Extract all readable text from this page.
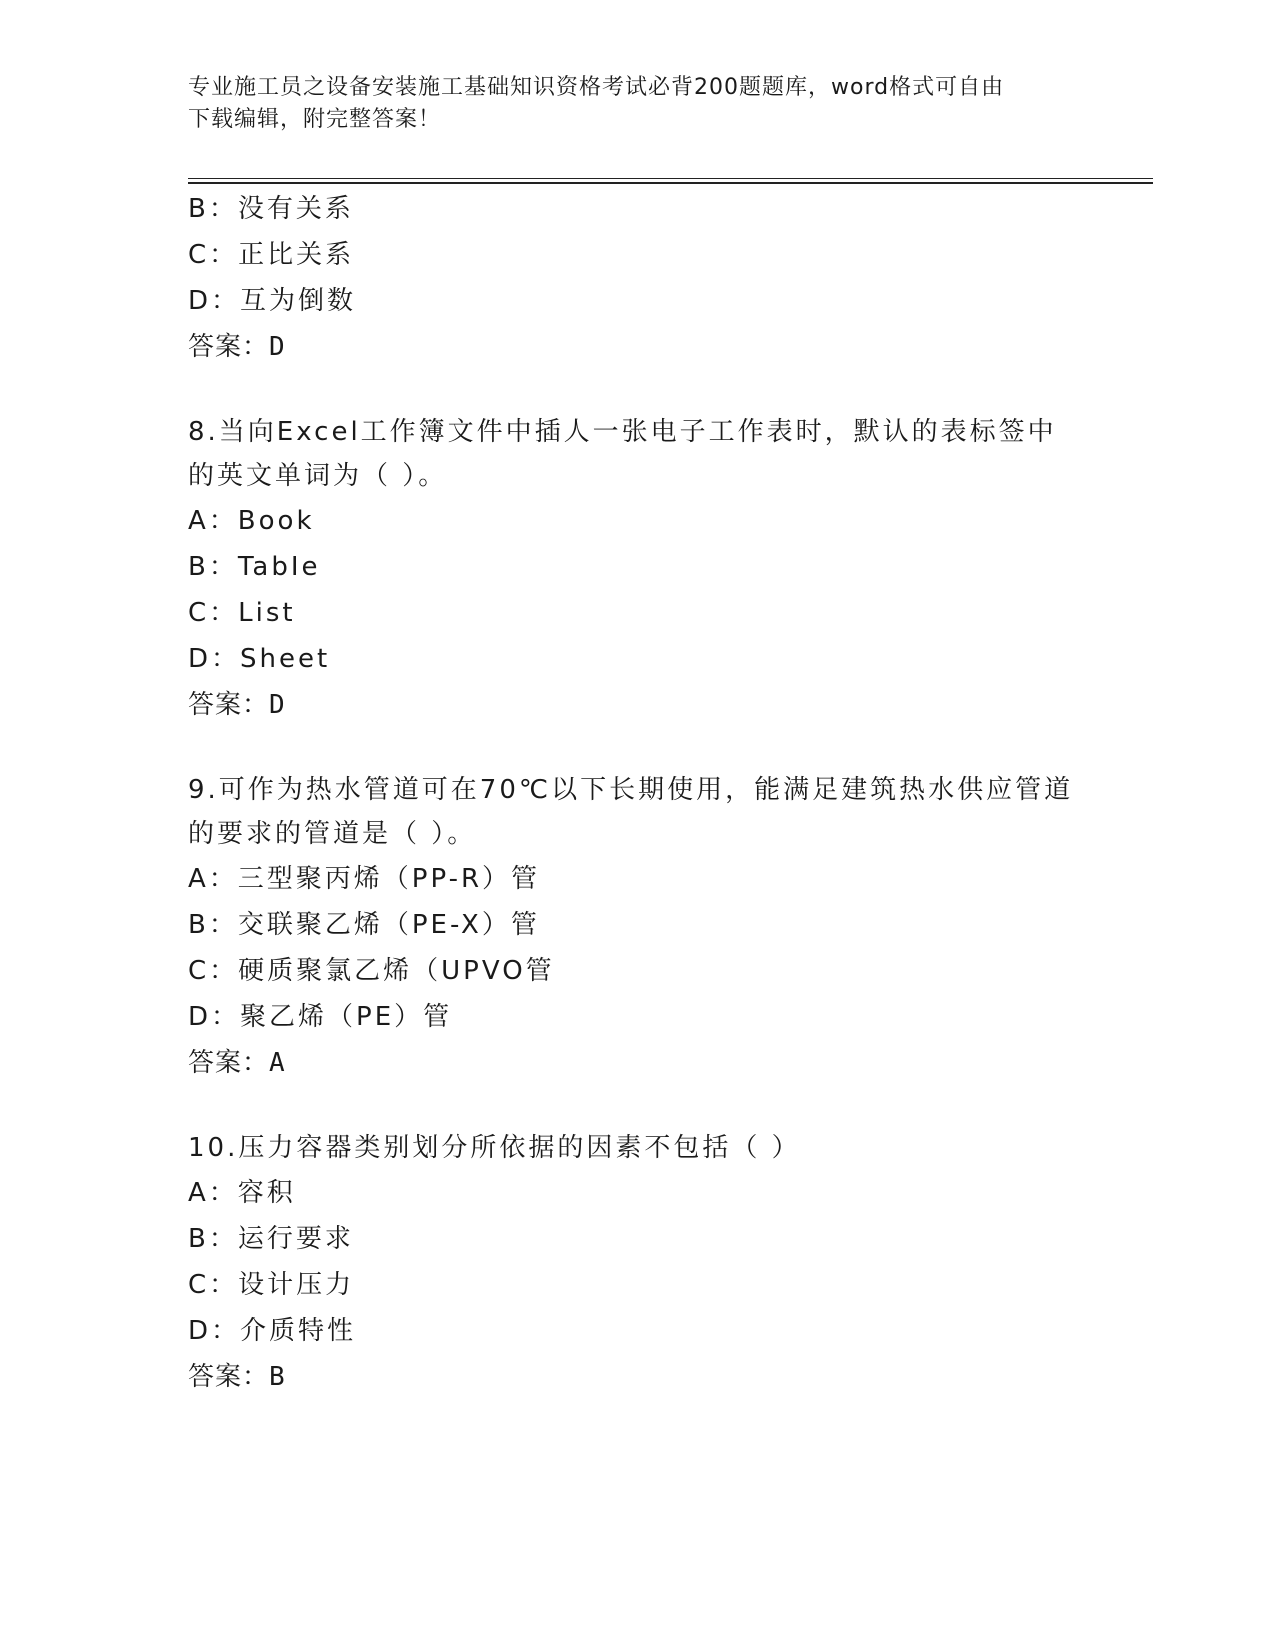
专业施工员之设备安装施工基础知识资格考试必背200题题库，word格式可自由
下载编辑，附完整答案！
B：没有关系
C：正比关系
D：互为倒数
答案：D
8.当向Excel工作簿文件中插人一张电子工作表时，默认的表标签中
的英文单词为（ ）。
A：Book
B：TabIe
C：List
D：Sheet
答案：D
9.可作为热水管道可在70℃以下长期使用，能满足建筑热水供应管道
的要求的管道是（ ）。
A：三型聚丙烯（PP-R）管
B：交联聚乙烯（PE-X）管
C：硬质聚氯乙烯（UPVO管
D：聚乙烯（PE）管
答案：A
10.压力容器类别划分所依据的因素不包括（ ）
A：容积
B：运行要求
C：设计压力
D：介质特性
答案：B
